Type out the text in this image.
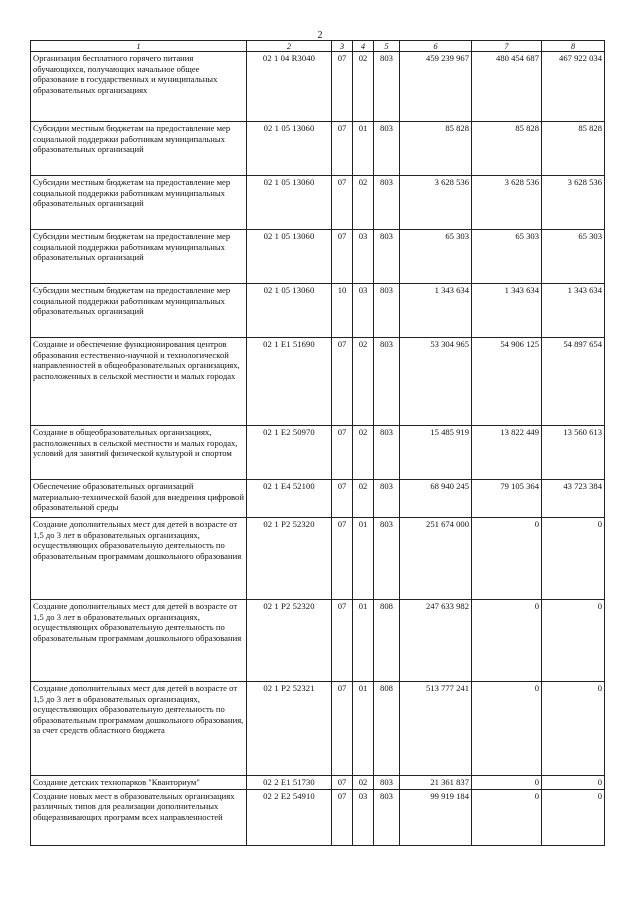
2
1	2	3	4	5	6	7	8
Организация бесплатного горячего питания обучающихся, получающих начальное общее образование в государственных и муниципальных образовательных организациях	02 1 04 R3040	07	02	803	459 239 967	480 454 687	467 922 034
Субсидии местным бюджетам на предоставление мер социальной поддержки работникам муниципальных образовательных организаций	02 1 05 13060	07	01	803	85 828	85 828	85 828
Субсидии местным бюджетам на предоставление мер социальной поддержки работникам муниципальных образовательных организаций	02 1 05 13060	07	02	803	3 628 536	3 628 536	3 628 536
Субсидии местным бюджетам на предоставление мер социальной поддержки работникам муниципальных образовательных организаций	02 1 05 13060	07	03	803	65 303	65 303	65 303
Субсидии местным бюджетам на предоставление мер социальной поддержки работникам муниципальных образовательных организаций	02 1 05 13060	10	03	803	1 343 634	1 343 634	1 343 634
Создание и обеспечение функционирования центров образования естественно-научной и технологической направленностей в общеобразовательных организациях, расположенных в сельской местности и малых городах	02 1 E1 51690	07	02	803	53 304 965	54 906 125	54 897 654
Создание в общеобразовательных организациях, расположенных в сельской местности и малых городах, условий для занятий физической культурой и спортом	02 1 E2 50970	07	02	803	15 485 919	13 822 449	13 560 613
Обеспечение образовательных организаций материально-технической базой для внедрения цифровой образовательной среды	02 1 E4 52100	07	02	803	68 940 245	79 105 364	43 723 384
Создание дополнительных мест для детей в возрасте от 1,5 до 3 лет в образовательных организациях, осуществляющих образовательную деятельность по образовательным программам дошкольного образования	02 1 P2 52320	07	01	803	251 674 000	0	0
Создание дополнительных мест для детей в возрасте от 1,5 до 3 лет в образовательных организациях, осуществляющих образовательную деятельность по образовательным программам дошкольного образования	02 1 P2 52320	07	01	808	247 633 982	0	0
Создание дополнительных мест для детей в возрасте от 1,5 до 3 лет в образовательных организациях, осуществляющих образовательную деятельность по образовательным программам дошкольного образования, за счет средств областного бюджета	02 1 P2 52321	07	01	808	513 777 241	0	0
Создание детских технопарков "Кванториум"	02 2 E1 51730	07	02	803	21 361 837	0	0
Создание новых мест в образовательных организациях различных типов для реализации дополнительных общеразвивающих программ всех направленностей	02 2 E2 54910	07	03	803	99 919 184	0	0
